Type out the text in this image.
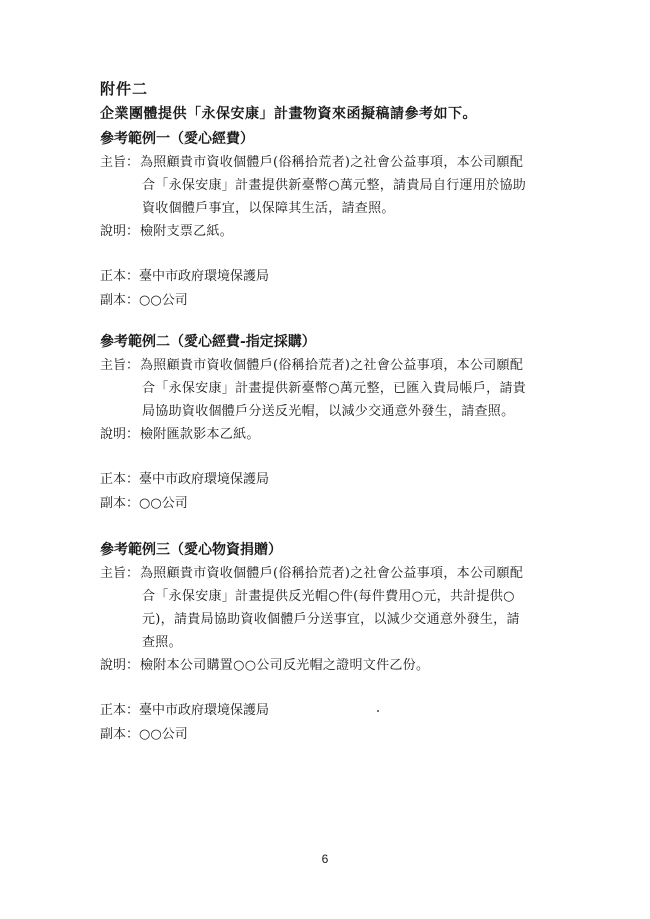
附件二
企業團體提供「永保安康」計畫物資來函擬稿請參考如下。
參考範例一（愛心經費）
主旨： 為照顧貴市資收個體戶(俗稱拾荒者)之社會公益事項，本公司願配
合「永保安康」計畫提供新臺幣○萬元整，請貴局自行運用於協助
資收個體戶事宜，以保障其生活，請查照。
說明： 檢附支票乙紙。
正本：臺中市政府環境保護局
副本：○○公司
參考範例二（愛心經費-指定採購）
主旨： 為照顧貴市資收個體戶(俗稱拾荒者)之社會公益事項，本公司願配
合「永保安康」計畫提供新臺幣○萬元整，已匯入貴局帳戶，請貴
局協助資收個體戶分送反光帽，以減少交通意外發生，請查照。
說明： 檢附匯款影本乙紙。
正本：臺中市政府環境保護局
副本：○○公司
參考範例三（愛心物資捐贈）
主旨： 為照顧貴市資收個體戶(俗稱拾荒者)之社會公益事項，本公司願配
合「永保安康」計畫提供反光帽○件(每件費用○元，共計提供○
元)，請貴局協助資收個體戶分送事宜，以減少交通意外發生，請
查照。
說明： 檢附本公司購置○○公司反光帽之證明文件乙份。
正本：臺中市政府環境保護局
副本：○○公司
6
